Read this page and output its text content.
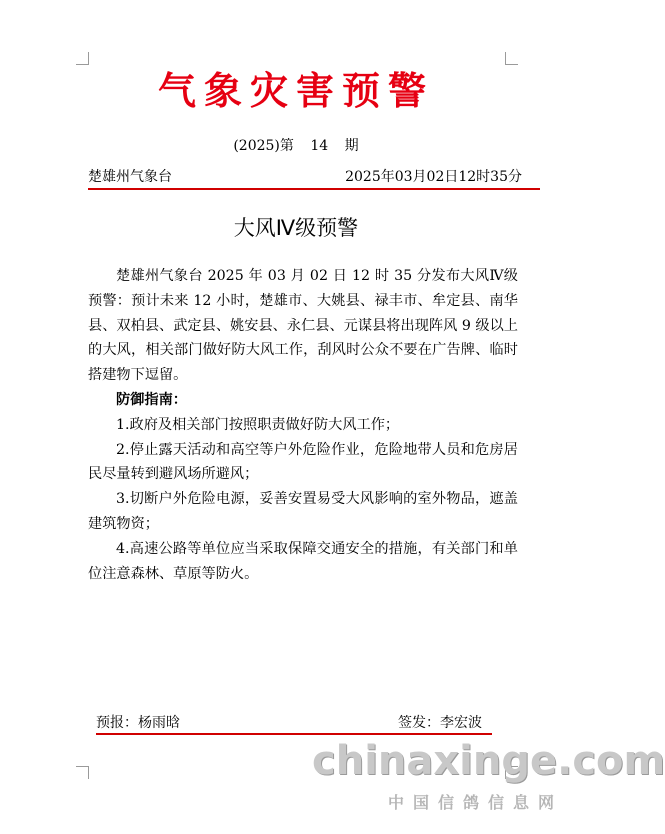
气象灾害预警
(2025)第 14 期
楚雄州气象台	2025年03月02日12时35分
大风Ⅳ级预警

楚雄州气象台 2025 年 03 月 02 日 12 时 35 分发布大风Ⅳ级预警：预计未来 12 小时，楚雄市、大姚县、禄丰市、牟定县、南华县、双柏县、武定县、姚安县、永仁县、元谋县将出现阵风 9 级以上的大风，相关部门做好防大风工作，刮风时公众不要在广告牌、临时搭建物下逗留。

防御指南：

1.政府及相关部门按照职责做好防大风工作；

2.停止露天活动和高空等户外危险作业，危险地带人员和危房居民尽量转到避风场所避风；

3.切断户外危险电源，妥善安置易受大风影响的室外物品，遮盖建筑物资；

4.高速公路等单位应当采取保障交通安全的措施，有关部门和单位注意森林、草原等防火。

预报：杨雨晗	签发：李宏波
chinaxinge.com
中国信鸽信息网
